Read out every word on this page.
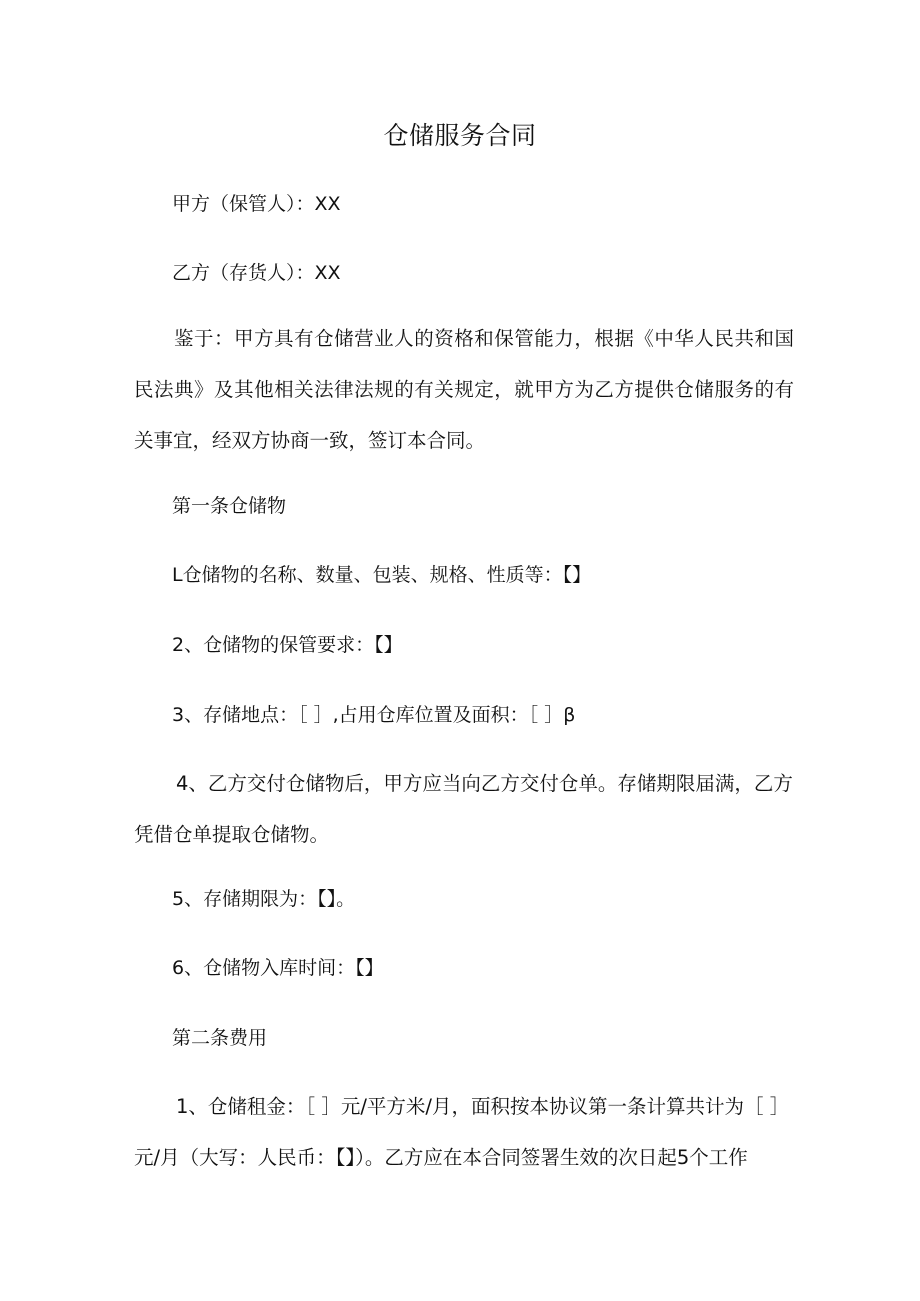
仓储服务合同
甲方（保管人）：XX
乙方（存货人）：XX
鉴于：甲方具有仓储营业人的资格和保管能力，根据《中华人民共和国民法典》及其他相关法律法规的有关规定，就甲方为乙方提供仓储服务的有关事宜，经双方协商一致，签订本合同。
第一条仓储物
L仓储物的名称、数量、包装、规格、性质等：【】
2、仓储物的保管要求：【】
3、存储地点：［ ］,占用仓库位置及面积：［ ］β
4、乙方交付仓储物后，甲方应当向乙方交付仓单。存储期限届满，乙方凭借仓单提取仓储物。
5、存储期限为：【】。
6、仓储物入库时间：【】
第二条费用
1、仓储租金：［ ］元/平方米/月，面积按本协议第一条计算共计为［ ］元/月（大写：人民币：【】）。乙方应在本合同签署生效的次日起5个工作
